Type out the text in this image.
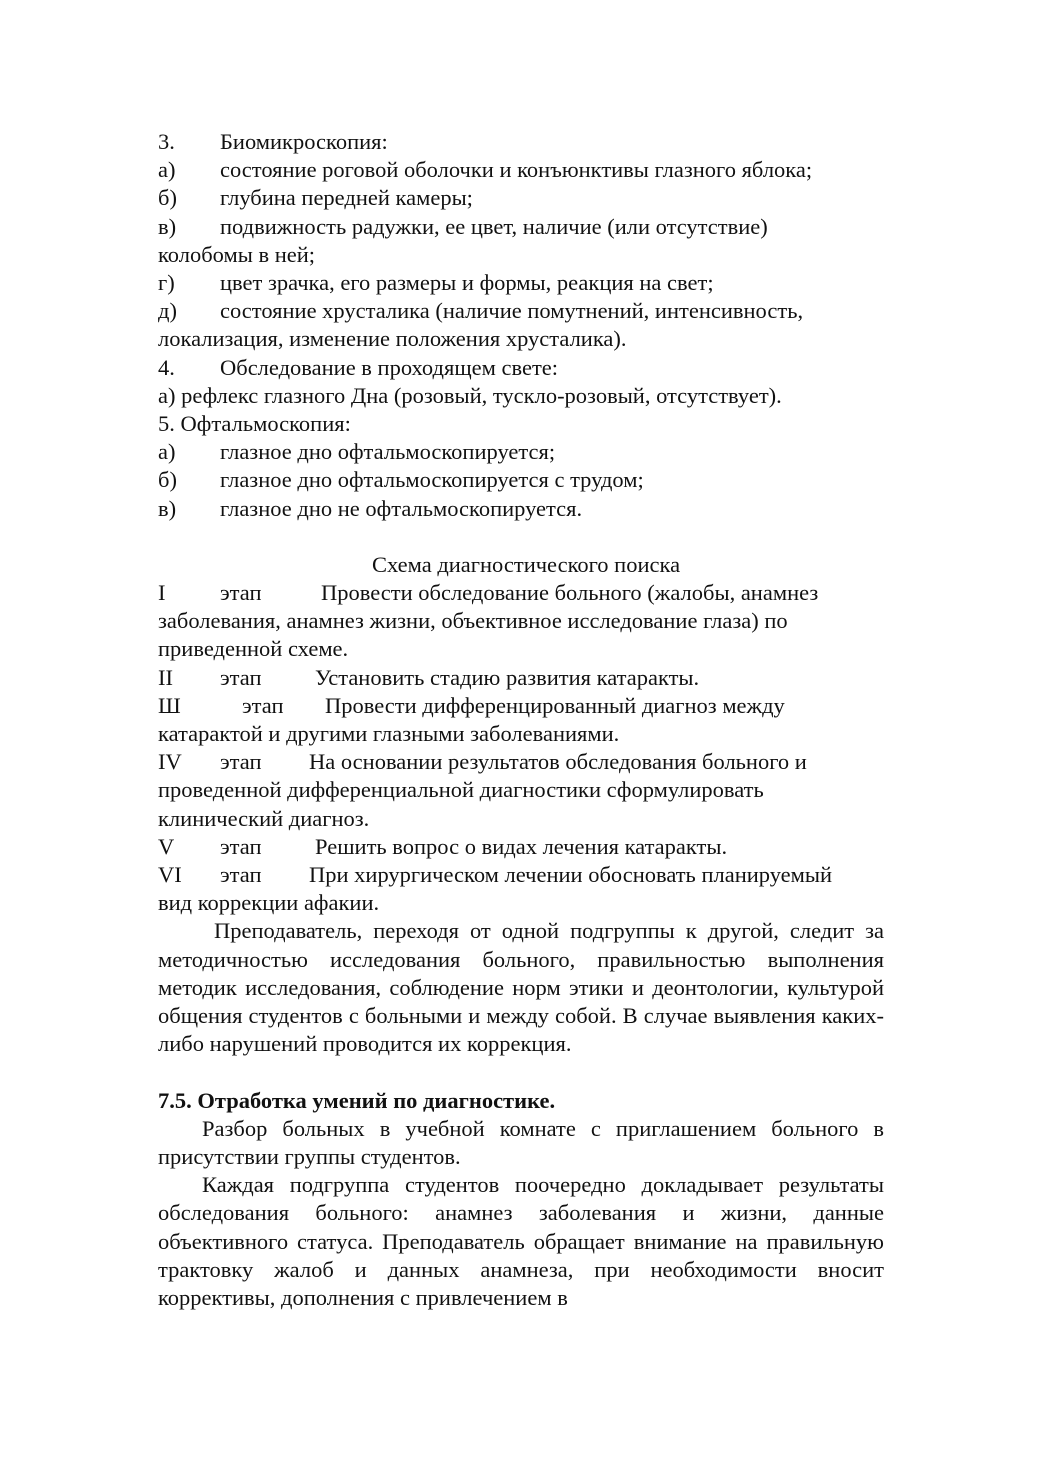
3.	Биомикроскопия:
а)	состояние роговой оболочки и конъюнктивы глазного яблока;
б)	глубина передней камеры;
в)	подвижность радужки, ее цвет, наличие (или отсутствие)
колобомы в ней;
г)	цвет зрачка, его размеры и формы, реакция на свет;
д)	состояние хрусталика (наличие помутнений, интенсивность,
локализация, изменение положения хрусталика).
4.	Обследование в проходящем свете:
а) рефлекс глазного Дна (розовый, тускло-розовый, отсутствует).
5. Офтальмоскопия:
а)	глазное дно офтальмоскопируется;
б)	глазное дно офтальмоскопируется с трудом;
в)	глазное дно не офтальмоскопируется.
Схема диагностического поиска
I	этап	Провести обследование больного (жалобы, анамнез
заболевания, анамнез жизни, объективное исследование глаза) по
приведенной схеме.
II	этап	Установить стадию развития катаракты.
Ш	этап	Провести дифференцированный диагноз между
катарактой и другими глазными заболеваниями.
IV	этап	На основании результатов обследования больного и
проведенной дифференциальной диагностики сформулировать
клинический диагноз.
V	этап	Решить вопрос о видах лечения катаракты.
VI	этап	При хирургическом лечении обосновать планируемый
вид коррекции афакии.
Преподаватель, переходя от одной подгруппы к другой, следит за методичностью исследования больного, правильностью выполнения методик исследования, соблюдение норм этики и деонтологии, культурой общения студентов с больными и между собой. В случае выявления каких-либо нарушений проводится их коррекция.
7.5. Отработка умений по диагностике.
Разбор больных в учебной комнате с приглашением больного в присутствии группы студентов.
Каждая подгруппа студентов поочередно докладывает результаты обследования больного: анамнез заболевания и жизни, данные объективного статуса. Преподаватель обращает внимание на правильную трактовку жалоб и данных анамнеза, при необходимости вносит коррективы, дополнения с привлечением в
